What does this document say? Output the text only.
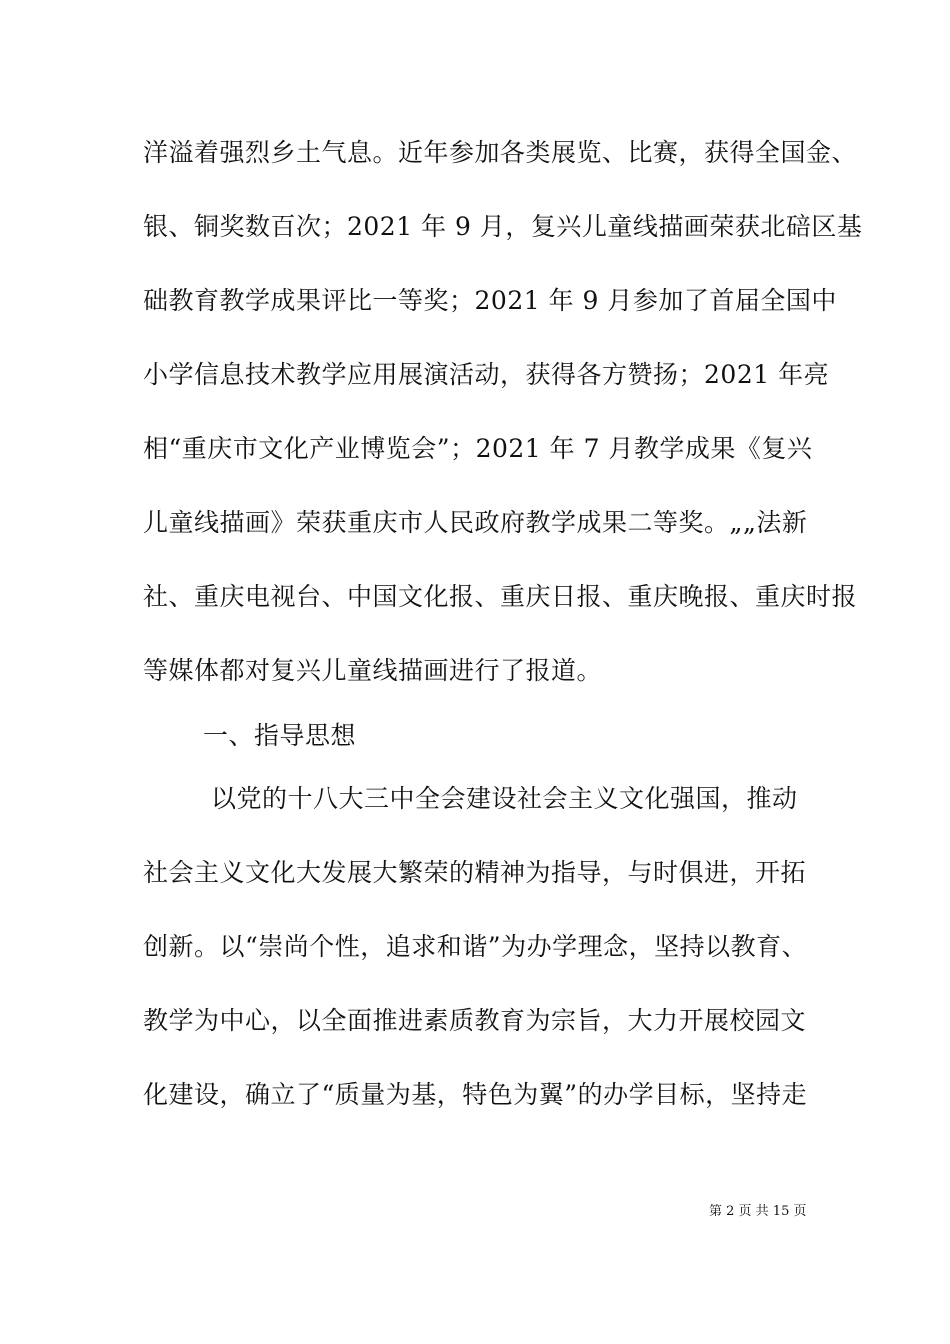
洋溢着强烈乡土气息。近年参加各类展览、比赛，获得全国金、
银、铜奖数百次；2021 年 9 月，复兴儿童线描画荣获北碚区基
础教育教学成果评比一等奖；2021 年 9 月参加了首届全国中
小学信息技术教学应用展演活动，获得各方赞扬；2021 年亮
相“重庆市文化产业博览会”；2021 年 7 月教学成果《复兴
儿童线描画》荣获重庆市人民政府教学成果二等奖。„„法新
社、重庆电视台、中国文化报、重庆日报、重庆晚报、重庆时报
等媒体都对复兴儿童线描画进行了报道。
一、指导思想
以党的十八大三中全会建设社会主义文化强国，推动
社会主义文化大发展大繁荣的精神为指导，与时俱进，开拓
创新。以“崇尚个性，追求和谐”为办学理念，坚持以教育、
教学为中心，以全面推进素质教育为宗旨，大力开展校园文
化建设，确立了“质量为基，特色为翼”的办学目标，坚持走
第 2 页 共 15 页
